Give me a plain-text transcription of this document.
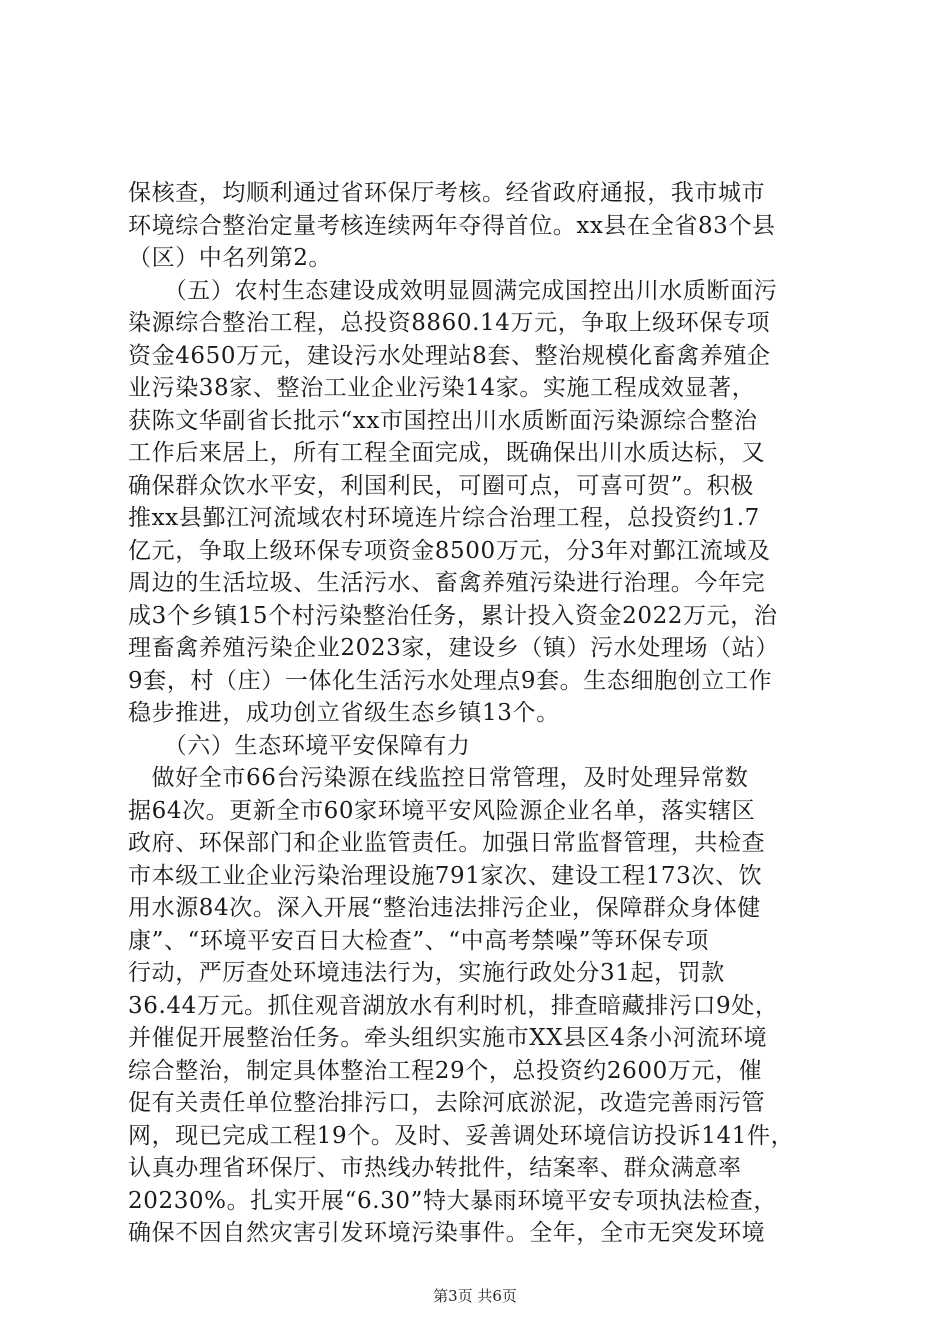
保核查，均顺利通过省环保厅考核。经省政府通报，我市城市
环境综合整治定量考核连续两年夺得首位。xx县在全省83个县
（区）中名列第2。
　　（五）农村生态建设成效明显圆满完成国控出川水质断面污
染源综合整治工程，总投资8860.14万元，争取上级环保专项
资金4650万元，建设污水处理站8套、整治规模化畜禽养殖企
业污染38家、整治工业企业污染14家。实施工程成效显著，
获陈文华副省长批示“xx市国控出川水质断面污染源综合整治
工作后来居上，所有工程全面完成，既确保出川水质达标，又
确保群众饮水平安，利国利民，可圈可点，可喜可贺”。积极
推xx县鄞江河流域农村环境连片综合治理工程，总投资约1.7
亿元，争取上级环保专项资金8500万元，分3年对鄞江流域及
周边的生活垃圾、生活污水、畜禽养殖污染进行治理。今年完
成3个乡镇15个村污染整治任务，累计投入资金2022万元，治
理畜禽养殖污染企业2023家，建设乡（镇）污水处理场（站）
9套，村（庄）一体化生活污水处理点9套。生态细胞创立工作
稳步推进，成功创立省级生态乡镇13个。
　　（六）生态环境平安保障有力
　做好全市66台污染源在线监控日常管理，及时处理异常数
据64次。更新全市60家环境平安风险源企业名单，落实辖区
政府、环保部门和企业监管责任。加强日常监督管理，共检查
市本级工业企业污染治理设施791家次、建设工程173次、饮
用水源84次。深入开展“整治违法排污企业，保障群众身体健
康”、“环境平安百日大检查”、“中高考禁噪”等环保专项
行动，严厉查处环境违法行为，实施行政处分31起，罚款
36.44万元。抓住观音湖放水有利时机，排查暗藏排污口9处，
并催促开展整治任务。牵头组织实施市XX县区4条小河流环境
综合整治，制定具体整治工程29个，总投资约2600万元，催
促有关责任单位整治排污口，去除河底淤泥，改造完善雨污管
网，现已完成工程19个。及时、妥善调处环境信访投诉141件，
认真办理省环保厅、市热线办转批件，结案率、群众满意率
20230%。扎实开展“6.30”特大暴雨环境平安专项执法检查，
确保不因自然灾害引发环境污染事件。全年，全市无突发环境
第3页 共6页
